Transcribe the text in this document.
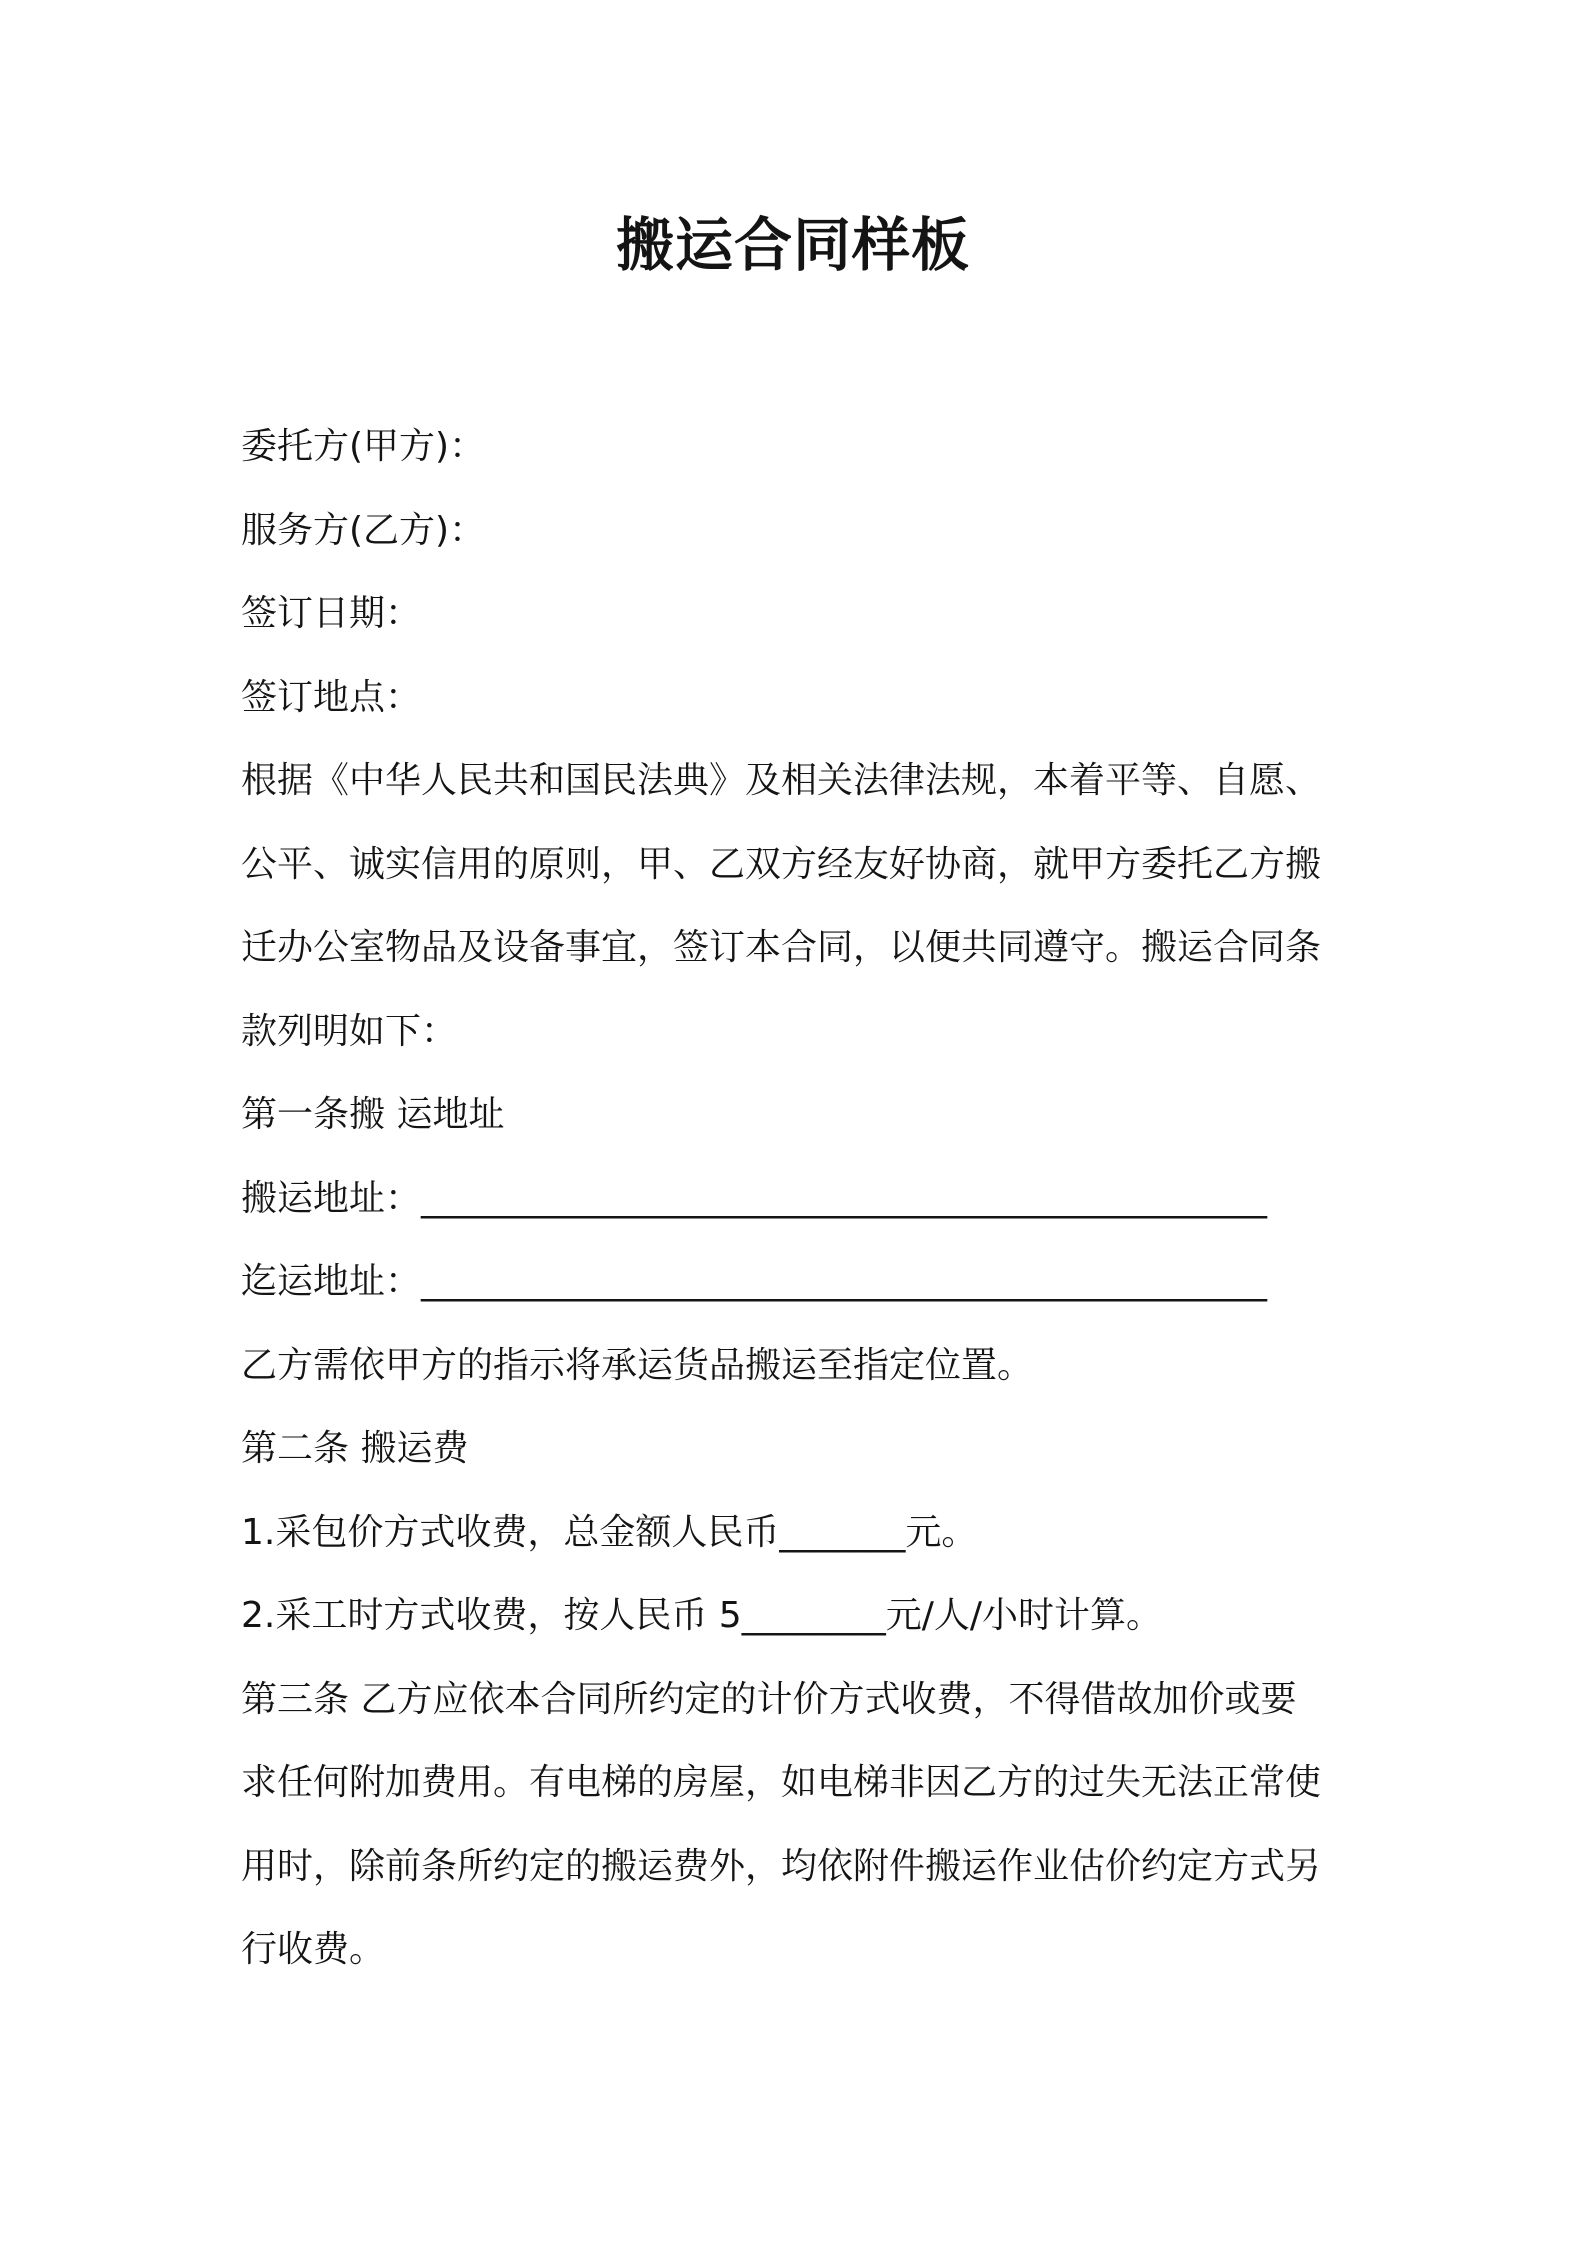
搬运合同样板

委托方(甲方)：

服务方(乙方)：

签订日期：

签订地点：

根据《中华人民共和国民法典》及相关法律法规，本着平等、自愿、

公平、诚实信用的原则，甲、乙双方经友好协商，就甲方委托乙方搬

迁办公室物品及设备事宜，签订本合同，以便共同遵守。搬运合同条

款列明如下：

第一条搬 运地址

搬运地址：_______________________________________________

迄运地址：_______________________________________________

乙方需依甲方的指示将承运货品搬运至指定位置。

第二条 搬运费

1.采包价方式收费，总金额人民币_______元。

2.采工时方式收费，按人民币 5________元/人/小时计算。

第三条 乙方应依本合同所约定的计价方式收费，不得借故加价或要

求任何附加费用。有电梯的房屋，如电梯非因乙方的过失无法正常使

用时，除前条所约定的搬运费外，均依附件搬运作业估价约定方式另

行收费。
